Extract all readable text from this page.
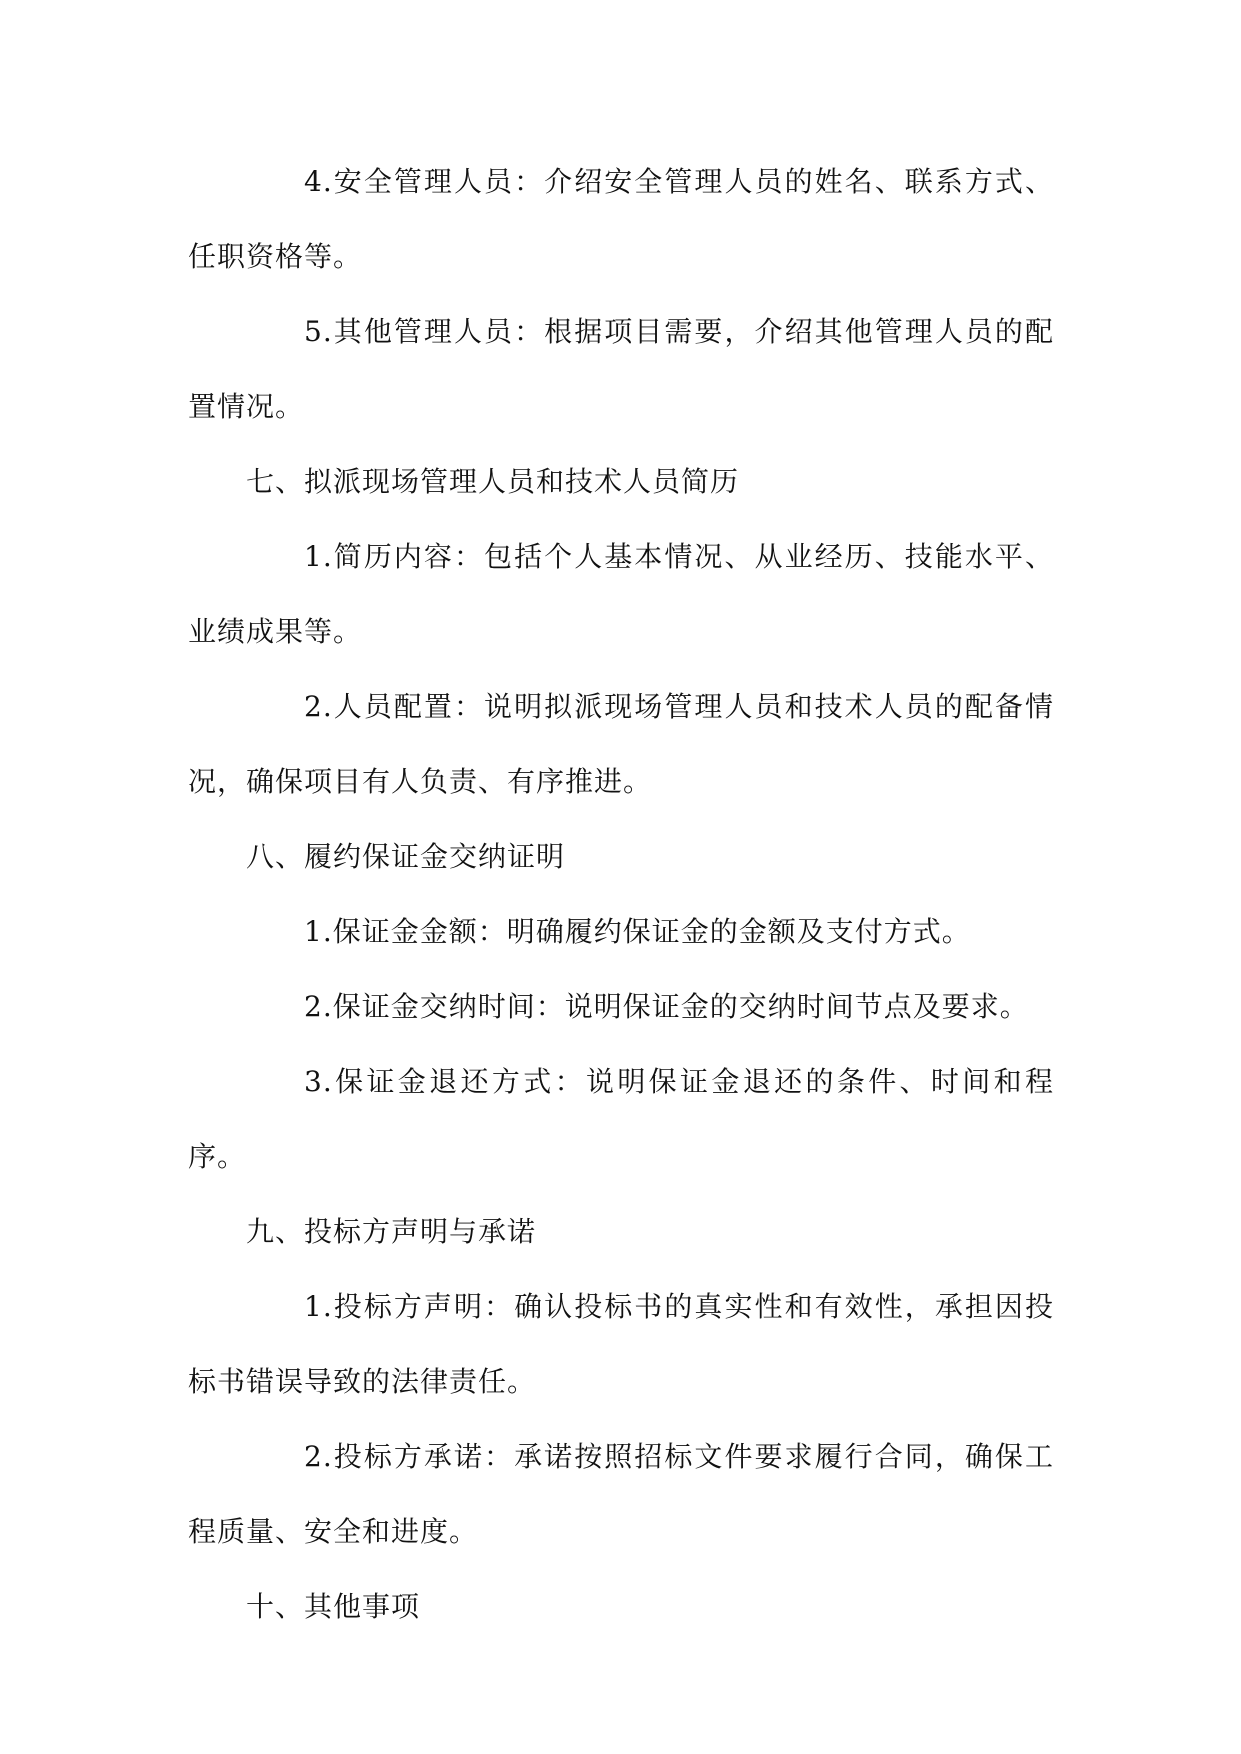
4.安全管理人员：介绍安全管理人员的姓名、联系方式、任职资格等。

5.其他管理人员：根据项目需要，介绍其他管理人员的配置情况。

七、拟派现场管理人员和技术人员简历

1.简历内容：包括个人基本情况、从业经历、技能水平、业绩成果等。

2.人员配置：说明拟派现场管理人员和技术人员的配备情况，确保项目有人负责、有序推进。

八、履约保证金交纳证明

1.保证金金额：明确履约保证金的金额及支付方式。

2.保证金交纳时间：说明保证金的交纳时间节点及要求。

3.保证金退还方式：说明保证金退还的条件、时间和程序。

九、投标方声明与承诺

1.投标方声明：确认投标书的真实性和有效性，承担因投标书错误导致的法律责任。

2.投标方承诺：承诺按照招标文件要求履行合同，确保工程质量、安全和进度。

十、其他事项
